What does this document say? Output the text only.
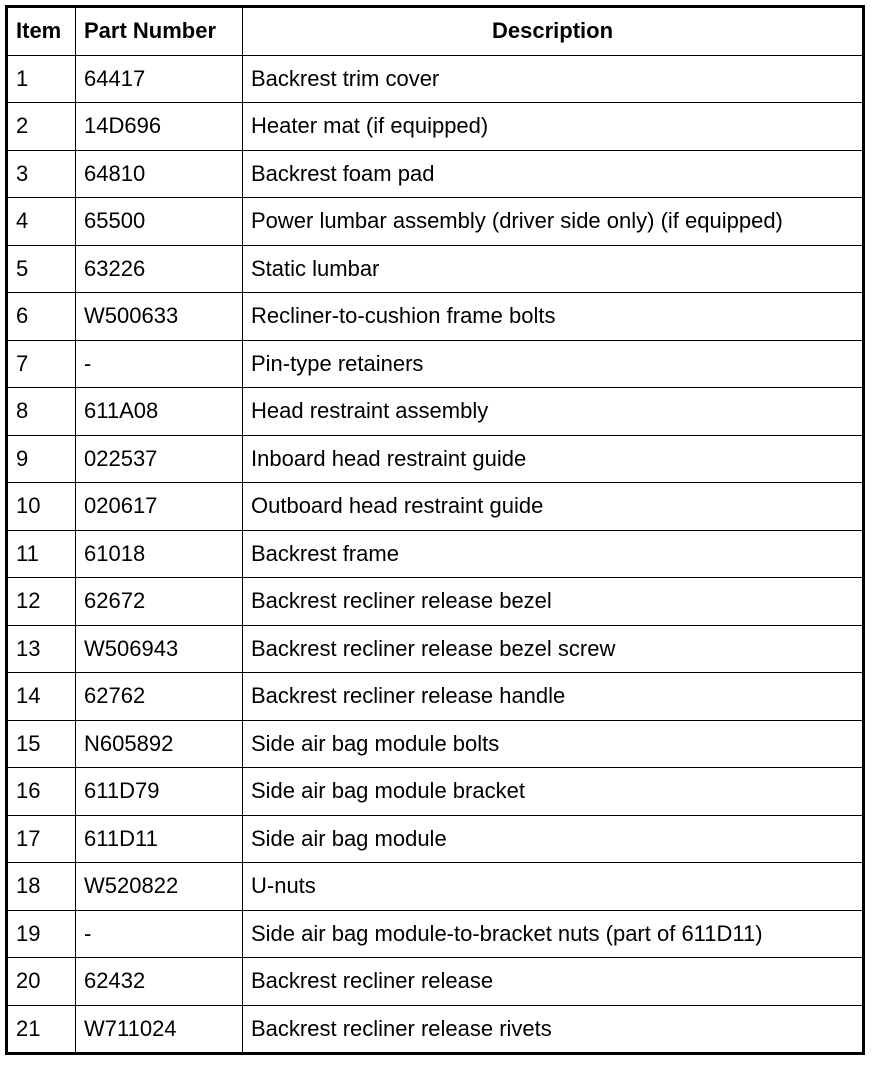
Item	Part Number	Description
1	64417	Backrest trim cover
2	14D696	Heater mat (if equipped)
3	64810	Backrest foam pad
4	65500	Power lumbar assembly (driver side only) (if equipped)
5	63226	Static lumbar
6	W500633	Recliner-to-cushion frame bolts
7	-	Pin-type retainers
8	611A08	Head restraint assembly
9	022537	Inboard head restraint guide
10	020617	Outboard head restraint guide
11	61018	Backrest frame
12	62672	Backrest recliner release bezel
13	W506943	Backrest recliner release bezel screw
14	62762	Backrest recliner release handle
15	N605892	Side air bag module bolts
16	611D79	Side air bag module bracket
17	611D11	Side air bag module
18	W520822	U-nuts
19	-	Side air bag module-to-bracket nuts (part of 611D11)
20	62432	Backrest recliner release
21	W711024	Backrest recliner release rivets
